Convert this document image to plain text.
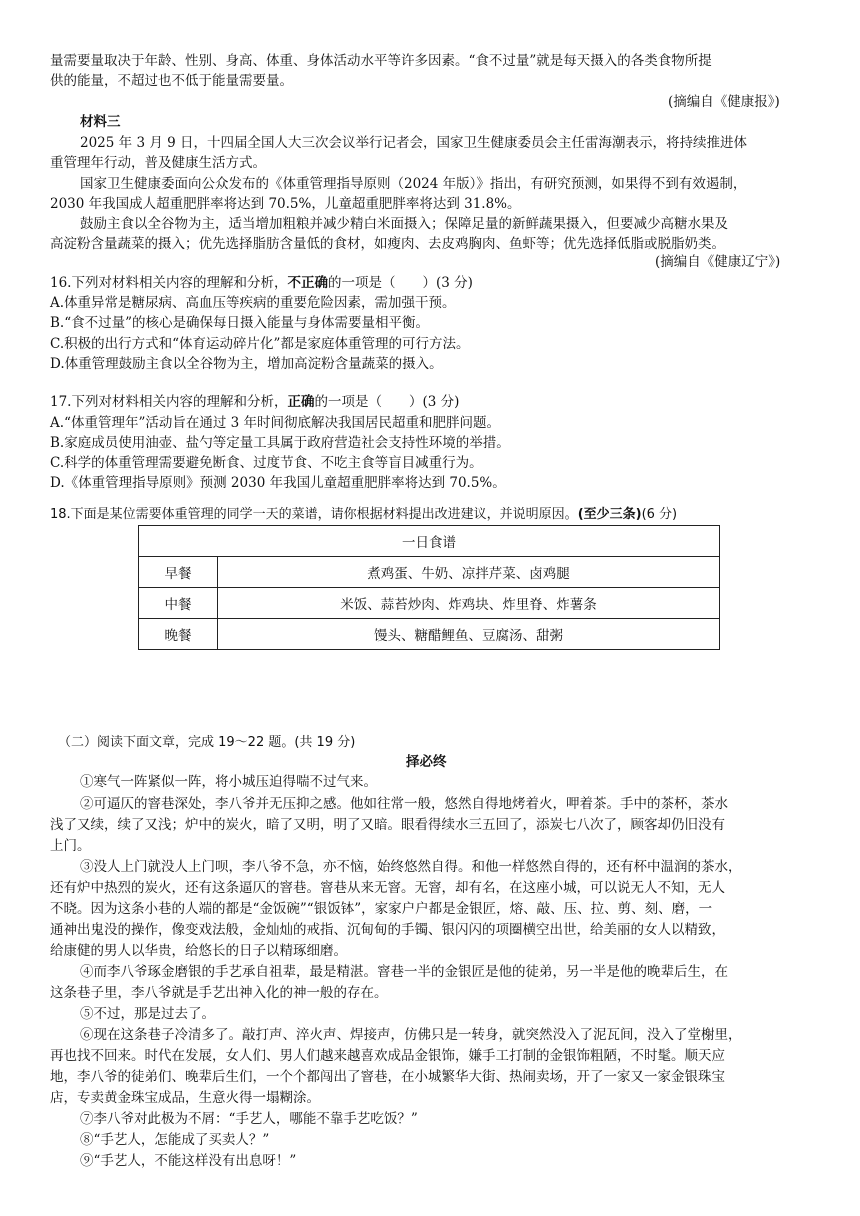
量需要量取决于年龄、性别、身高、体重、身体活动水平等许多因素。“食不过量”就是每天摄入的各类食物所提
供的能量，不超过也不低于能量需要量。
(摘编自《健康报》)
材料三
2025 年 3 月 9 日，十四届全国人大三次会议举行记者会，国家卫生健康委员会主任雷海潮表示，将持续推进体
重管理年行动，普及健康生活方式。
国家卫生健康委面向公众发布的《体重管理指导原则（2024 年版）》指出，有研究预测，如果得不到有效遏制，
2030 年我国成人超重肥胖率将达到 70.5%，儿童超重肥胖率将达到 31.8%。
鼓励主食以全谷物为主，适当增加粗粮并减少精白米面摄入；保障足量的新鲜蔬果摄入，但要减少高糖水果及
高淀粉含量蔬菜的摄入；优先选择脂肪含量低的食材，如瘦肉、去皮鸡胸肉、鱼虾等；优先选择低脂或脱脂奶类。
(摘编自《健康辽宁》)
16.下列对材料相关内容的理解和分析，不正确的一项是（　　）(3 分)
A.体重异常是糖尿病、高血压等疾病的重要危险因素，需加强干预。
B.“食不过量”的核心是确保每日摄入能量与身体需要量相平衡。
C.积极的出行方式和“体育运动碎片化”都是家庭体重管理的可行方法。
D.体重管理鼓励主食以全谷物为主，增加高淀粉含量蔬菜的摄入。
17.下列对材料相关内容的理解和分析，正确的一项是（　　）(3 分)
A.“体重管理年”活动旨在通过 3 年时间彻底解决我国居民超重和肥胖问题。
B.家庭成员使用油壶、盐勺等定量工具属于政府营造社会支持性环境的举措。
C.科学的体重管理需要避免断食、过度节食、不吃主食等盲目减重行为。
D.《体重管理指导原则》预测 2030 年我国儿童超重肥胖率将达到 70.5%。
18.下面是某位需要体重管理的同学一天的菜谱，请你根据材料提出改进建议，并说明原因。(至少三条)(6 分)
一日食谱	
早餐	煮鸡蛋、牛奶、凉拌芹菜、卤鸡腿
中餐	米饭、蒜苔炒肉、炸鸡块、炸里脊、炸薯条
晚餐	馒头、糖醋鲤鱼、豆腐汤、甜粥
（二）阅读下面文章，完成 19～22 题。(共 19 分)
择必终
①寒气一阵紧似一阵，将小城压迫得喘不过气来。
②可逼仄的窨巷深处，李八爷并无压抑之感。他如往常一般，悠然自得地烤着火，呷着茶。手中的茶杯，茶水
浅了又续，续了又浅；炉中的炭火，暗了又明，明了又暗。眼看得续水三五回了，添炭七八次了，顾客却仍旧没有
上门。
③没人上门就没人上门呗，李八爷不急，亦不恼，始终悠然自得。和他一样悠然自得的，还有杯中温润的茶水，
还有炉中热烈的炭火，还有这条逼仄的窨巷。窨巷从来无窨。无窨，却有名，在这座小城，可以说无人不知，无人
不晓。因为这条小巷的人端的都是“金饭碗”“银饭钵”，家家户户都是金银匠，熔、敲、压、拉、剪、刻、磨，一
通神出鬼没的操作，像变戏法般，金灿灿的戒指、沉甸甸的手镯、银闪闪的项圈横空出世，给美丽的女人以精致，
给康健的男人以华贵，给悠长的日子以精琢细磨。
④而李八爷琢金磨银的手艺承自祖辈，最是精湛。窨巷一半的金银匠是他的徒弟，另一半是他的晚辈后生，在
这条巷子里，李八爷就是手艺出神入化的神一般的存在。
⑤不过，那是过去了。
⑥现在这条巷子冷清多了。敲打声、淬火声、焊接声，仿佛只是一转身，就突然没入了泥瓦间，没入了堂榭里，
再也找不回来。时代在发展，女人们、男人们越来越喜欢成品金银饰，嫌手工打制的金银饰粗陋，不时髦。顺天应
地，李八爷的徒弟们、晚辈后生们，一个个都闯出了窨巷，在小城繁华大街、热闹卖场，开了一家又一家金银珠宝
店，专卖黄金珠宝成品，生意火得一塌糊涂。
⑦李八爷对此极为不屑：“手艺人，哪能不靠手艺吃饭？”
⑧“手艺人，怎能成了买卖人？”
⑨“手艺人，不能这样没有出息呀！”
